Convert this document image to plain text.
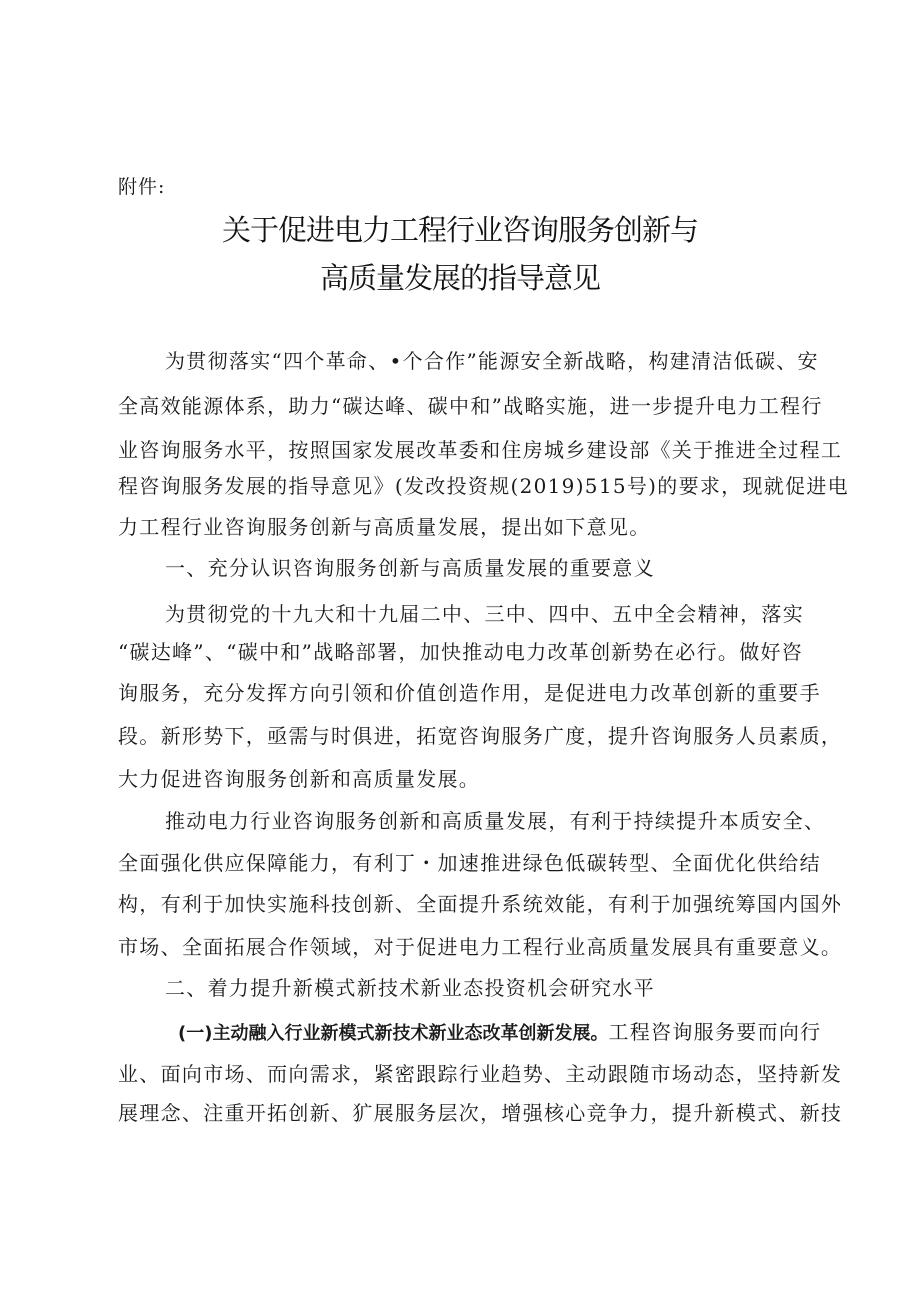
附件:
关于促进电力工程行业咨询服务创新与
高质量发展的指导意见
为贯彻落实“四个革命、•个合作”能源安全新战略，构建清洁低碳、安
全高效能源体系，助力“碳达峰、碳中和”战略实施，进一步提升电力工程行
业咨询服务水平，按照国家发展改革委和住房城乡建设部《关于推进全过程工
程咨询服务发展的指导意见》(发改投资规(2019)515号)的要求，现就促进电
力工程行业咨询服务创新与高质量发展，提出如下意见。
一、充分认识咨询服务创新与高质量发展的重要意义
为贯彻党的十九大和十九届二中、三中、四中、五中全会精神，落实
“碳达峰”、“碳中和”战略部署，加快推动电力改革创新势在必行。做好咨
询服务，充分发挥方向引领和价值创造作用，是促进电力改革创新的重要手
段。新形势下，亟需与时俱进，拓宽咨询服务广度，提升咨询服务人员素质，
大力促进咨询服务创新和高质量发展。
推动电力行业咨询服务创新和高质量发展，有利于持续提升本质安全、
全面强化供应保障能力，有利丁・加速推进绿色低碳转型、全面优化供给结
构，有利于加快实施科技创新、全面提升系统效能，有利于加强统筹国内国外
市场、全面拓展合作领域，对于促进电力工程行业高质量发展具有重要意义。
二、着力提升新模式新技术新业态投资机会研究水平
(一)主动融入行业新模式新技术新业态改革创新发展。工程咨询服务要而向行
业、面向市场、而向需求，紧密跟踪行业趋势、主动跟随市场动态，坚持新发
展理念、注重开拓创新、犷展服务层次，增强核心竞争力，提升新模式、新技
